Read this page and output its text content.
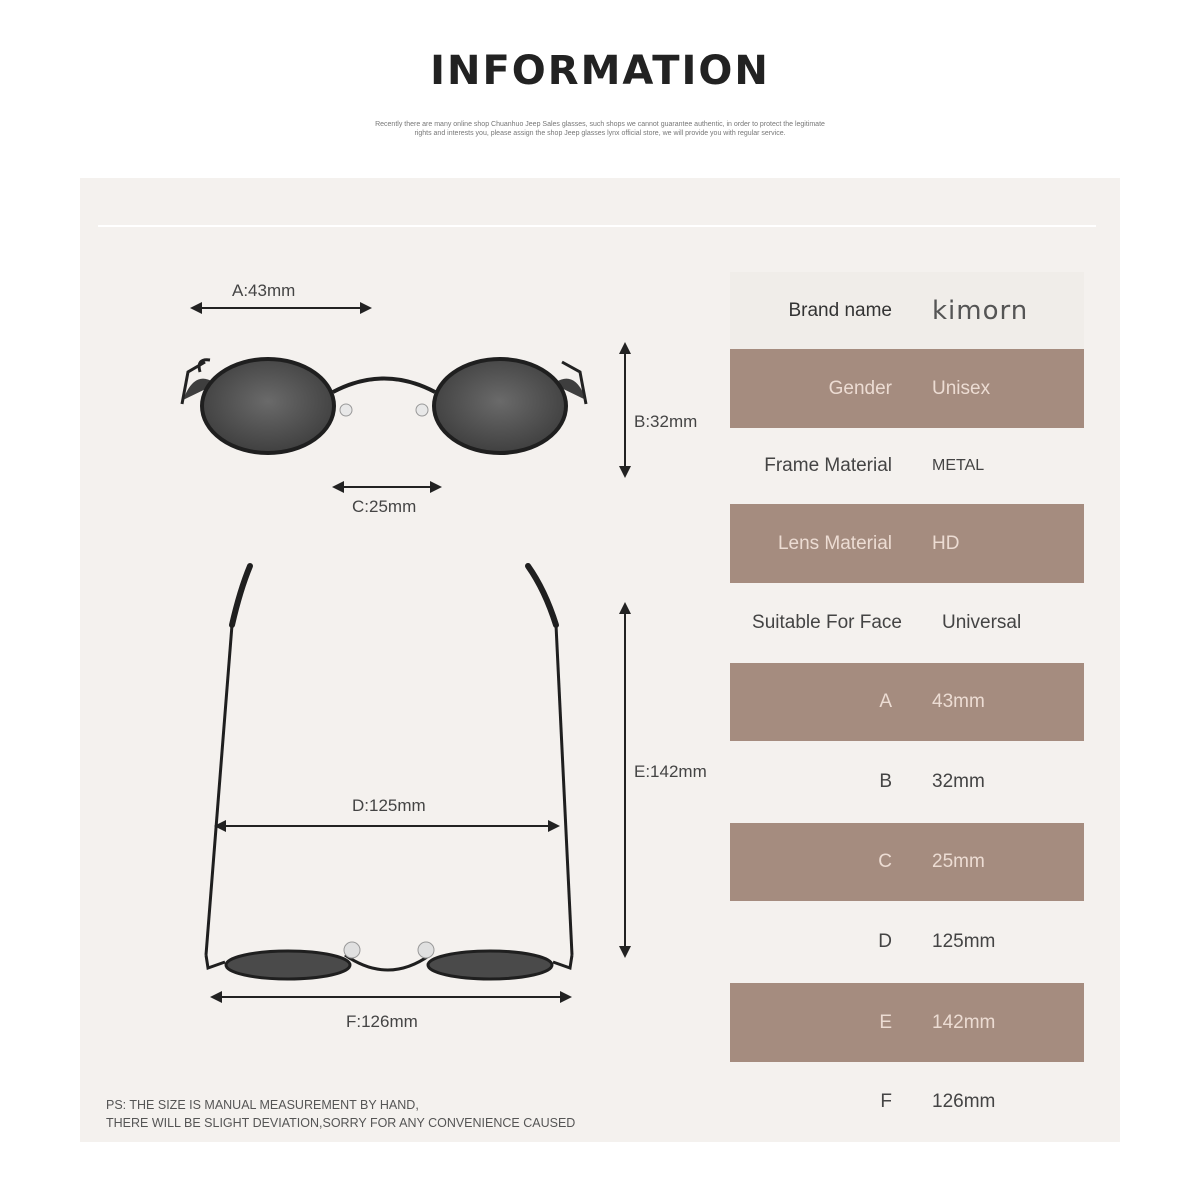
INFORMATION
Recently there are many online shop Chuanhuo Jeep Sales glasses, such shops we cannot guarantee authentic, in order to protect the legitimate rights and interests you, please assign the shop Jeep glasses lynx official store, we will provide you with regular service.
A:43mm
B:32mm
C:25mm
D:125mm
E:142mm
F:126mm
Brand name	kimorn
Gender	Unisex
Frame Material	METAL
Lens Material	HD
Suitable For Face	Universal
A	43mm
B	32mm
C	25mm
D	125mm
E	142mm
F	126mm
PS: THE SIZE IS MANUAL MEASUREMENT BY HAND,
THERE WILL BE SLIGHT DEVIATION,SORRY FOR ANY CONVENIENCE CAUSED
